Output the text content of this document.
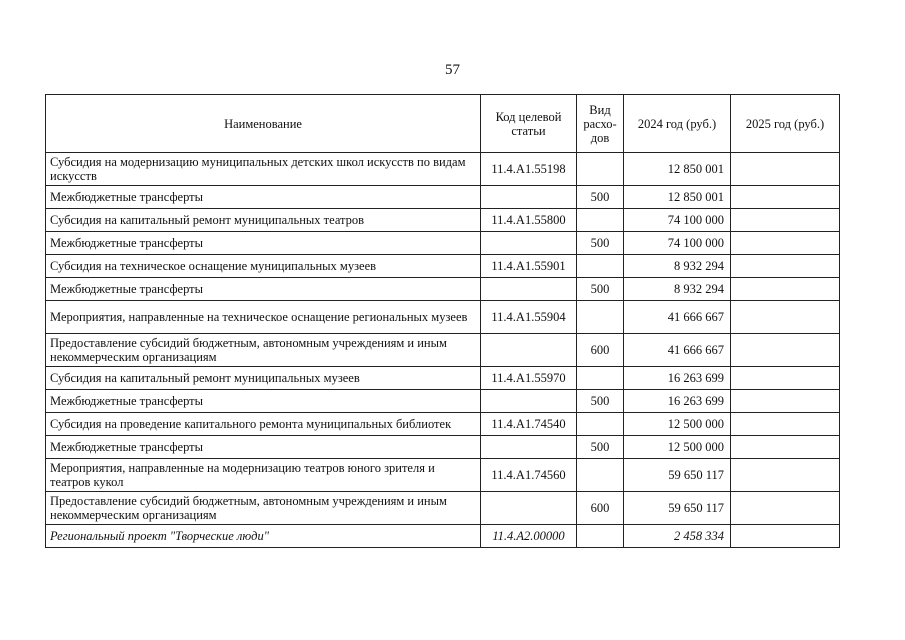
57
Наименование	Код целевой статьи	Вид расхо-дов	2024 год (руб.)	2025 год (руб.)
Субсидия на модернизацию муниципальных детских школ искусств по видам искусств	11.4.А1.55198		12 850 001	
Межбюджетные трансферты		500	12 850 001	
Субсидия на капитальный ремонт муниципальных театров	11.4.А1.55800		74 100 000	
Межбюджетные трансферты		500	74 100 000	
Субсидия на техническое оснащение муниципальных музеев	11.4.А1.55901		8 932 294	
Межбюджетные трансферты		500	8 932 294	
Мероприятия, направленные на техническое оснащение региональных музеев	11.4.А1.55904		41 666 667	
Предоставление субсидий бюджетным, автономным учреждениям и иным некоммерческим организациям		600	41 666 667	
Субсидия на капитальный ремонт муниципальных музеев	11.4.А1.55970		16 263 699	
Межбюджетные трансферты		500	16 263 699	
Субсидия на проведение капитального ремонта муниципальных библиотек	11.4.А1.74540		12 500 000	
Межбюджетные трансферты		500	12 500 000	
Мероприятия, направленные на модернизацию театров юного зрителя и театров кукол	11.4.А1.74560		59 650 117	
Предоставление субсидий бюджетным, автономным учреждениям и иным некоммерческим организациям		600	59 650 117	
Региональный проект "Творческие люди"	11.4.А2.00000		2 458 334	
